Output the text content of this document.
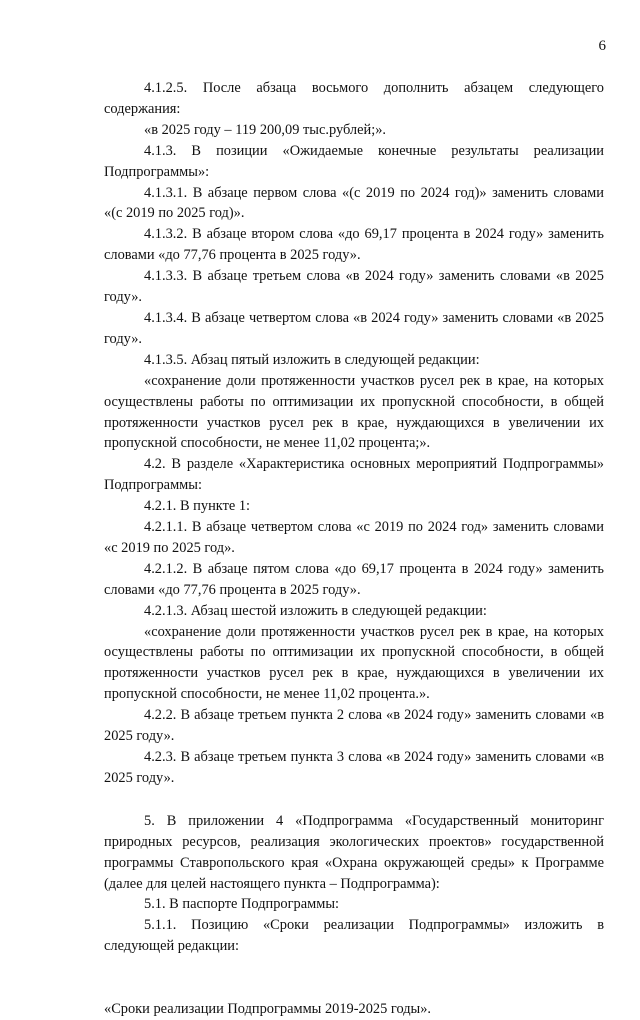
6

4.1.2.5. После абзаца восьмого дополнить абзацем следующего содержания:

«в 2025 году – 119 200,09 тыс.рублей;».

4.1.3. В позиции «Ожидаемые конечные результаты реализации Подпрограммы»:

4.1.3.1. В абзаце первом слова «(с 2019 по 2024 год)» заменить словами «(с 2019 по 2025 год)».

4.1.3.2. В абзаце втором слова «до 69,17 процента в 2024 году» заменить словами «до 77,76 процента в 2025 году».

4.1.3.3. В абзаце третьем слова «в 2024 году» заменить словами «в 2025 году».

4.1.3.4. В абзаце четвертом слова «в 2024 году» заменить словами «в 2025 году».

4.1.3.5. Абзац пятый изложить в следующей редакции:

«сохранение доли протяженности участков русел рек в крае, на которых осуществлены работы по оптимизации их пропускной способности, в общей протяженности участков русел рек в крае, нуждающихся в увеличении их пропускной способности, не менее 11,02 процента;».

4.2. В разделе «Характеристика основных мероприятий Подпрограммы» Подпрограммы:

4.2.1. В пункте 1:

4.2.1.1. В абзаце четвертом слова «с 2019 по 2024 год» заменить словами «с 2019 по 2025 год».

4.2.1.2. В абзаце пятом слова «до 69,17 процента в 2024 году» заменить словами «до 77,76 процента в 2025 году».

4.2.1.3. Абзац шестой изложить в следующей редакции:

«сохранение доли протяженности участков русел рек в крае, на которых осуществлены работы по оптимизации их пропускной способности, в общей протяженности участков русел рек в крае, нуждающихся в увеличении их пропускной способности, не менее 11,02 процента.».

4.2.2. В абзаце третьем пункта 2 слова «в 2024 году» заменить словами «в 2025 году».

4.2.3. В абзаце третьем пункта 3 слова «в 2024 году» заменить словами «в 2025 году».

5. В приложении 4 «Подпрограмма «Государственный мониторинг природных ресурсов, реализация экологических проектов» государственной программы Ставропольского края «Охрана окружающей среды» к Программе (далее для целей настоящего пункта – Подпрограмма):

5.1. В паспорте Подпрограммы:

5.1.1. Позицию «Сроки реализации Подпрограммы» изложить в следующей редакции:

«Сроки реализации Подпрограммы 2019-2025 годы».
